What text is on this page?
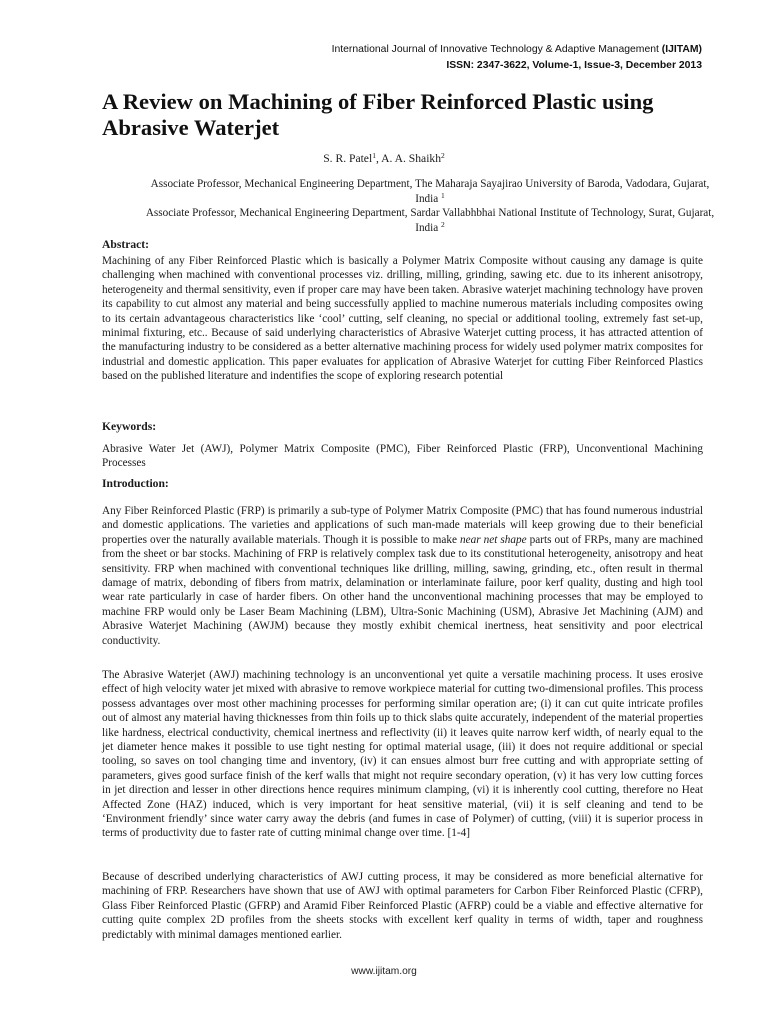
International Journal of Innovative Technology & Adaptive Management (IJITAM)
ISSN: 2347-3622, Volume-1, Issue-3, December 2013
A Review on Machining of Fiber Reinforced Plastic using Abrasive Waterjet
S. R. Patel$^1$, A. A. Shaikh$^2$
Associate Professor, Mechanical Engineering Department, The Maharaja Sayajirao University of Baroda, Vadodara, Gujarat, India $^1$
Associate Professor, Mechanical Engineering Department, Sardar Vallabhbhai National Institute of Technology, Surat, Gujarat, India $^2$
Abstract:

Machining of any Fiber Reinforced Plastic which is basically a Polymer Matrix Composite without causing any damage is quite challenging when machined with conventional processes viz. drilling, milling, grinding, sawing etc. due to its inherent anisotropy, heterogeneity and thermal sensitivity, even if proper care may have been taken. Abrasive waterjet machining technology have proven its capability to cut almost any material and being successfully applied to machine numerous materials including composites owing to its certain advantageous characteristics like ‘cool’ cutting, self cleaning, no special or additional tooling, extremely fast set-up, minimal fixturing, etc.. Because of said underlying characteristics of Abrasive Waterjet cutting process, it has attracted attention of the manufacturing industry to be considered as a better alternative machining process for widely used polymer matrix composites for industrial and domestic application. This paper evaluates for application of Abrasive Waterjet for cutting Fiber Reinforced Plastics based on the published literature and indentifies the scope of exploring research potential

Keywords:

Abrasive Water Jet (AWJ), Polymer Matrix Composite (PMC), Fiber Reinforced Plastic (FRP), Unconventional Machining Processes

Introduction:

Any Fiber Reinforced Plastic (FRP) is primarily a sub-type of Polymer Matrix Composite (PMC) that has found numerous industrial and domestic applications. The varieties and applications of such man-made materials will keep growing due to their beneficial properties over the naturally available materials. Though it is possible to make near net shape parts out of FRPs, many are machined from the sheet or bar stocks. Machining of FRP is relatively complex task due to its constitutional heterogeneity, anisotropy and heat sensitivity. FRP when machined with conventional techniques like drilling, milling, sawing, grinding, etc., often result in thermal damage of matrix, debonding of fibers from matrix, delamination or interlaminate failure, poor kerf quality, dusting and high tool wear rate particularly in case of harder fibers. On other hand the unconventional machining processes that may be employed to machine FRP would only be Laser Beam Machining (LBM), Ultra-Sonic Machining (USM), Abrasive Jet Machining (AJM) and Abrasive Waterjet Machining (AWJM) because they mostly exhibit chemical inertness, heat sensitivity and poor electrical conductivity.

The Abrasive Waterjet (AWJ) machining technology is an unconventional yet quite a versatile machining process. It uses erosive effect of high velocity water jet mixed with abrasive to remove workpiece material for cutting two-dimensional profiles. This process possess advantages over most other machining processes for performing similar operation are; (i) it can cut quite intricate profiles out of almost any material having thicknesses from thin foils up to thick slabs quite accurately, independent of the material properties like hardness, electrical conductivity, chemical inertness and reflectivity (ii) it leaves quite narrow kerf width, of nearly equal to the jet diameter hence makes it possible to use tight nesting for optimal material usage, (iii) it does not require additional or special tooling, so saves on tool changing time and inventory, (iv) it can ensues almost burr free cutting and with appropriate setting of parameters, gives good surface finish of the kerf walls that might not require secondary operation, (v) it has very low cutting forces in jet direction and lesser in other directions hence requires minimum clamping, (vi) it is inherently cool cutting, therefore no Heat Affected Zone (HAZ) induced, which is very important for heat sensitive material, (vii) it is self cleaning and tend to be ‘Environment friendly’ since water carry away the debris (and fumes in case of Polymer) of cutting, (viii) it is superior process in terms of productivity due to faster rate of cutting minimal change over time. [1-4]

Because of described underlying characteristics of AWJ cutting process, it may be considered as more beneficial alternative for machining of FRP. Researchers have shown that use of AWJ with optimal parameters for Carbon Fiber Reinforced Plastic (CFRP), Glass Fiber Reinforced Plastic (GFRP) and Aramid Fiber Reinforced Plastic (AFRP) could be a viable and effective alternative for cutting quite complex 2D profiles from the sheets stocks with excellent kerf quality in terms of width, taper and roughness predictably with minimal damages mentioned earlier.

www.ijitam.org
